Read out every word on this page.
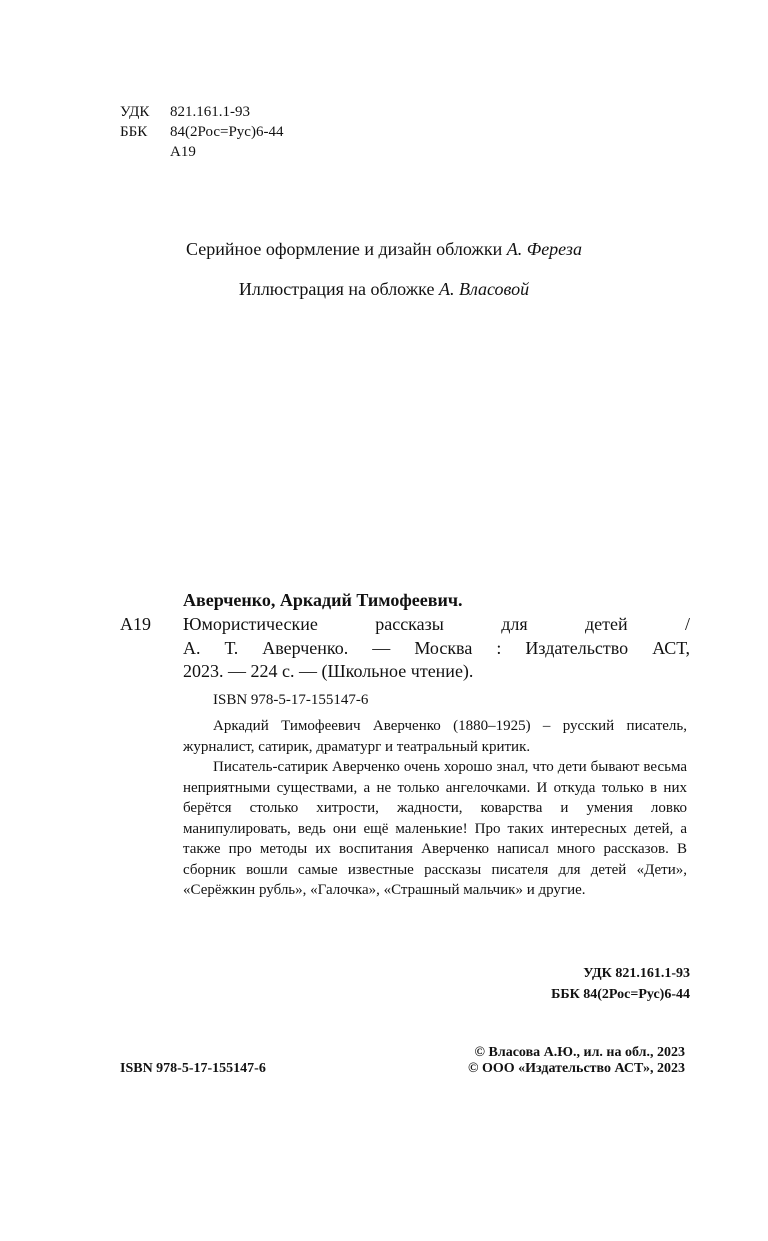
УДК 821.161.1-93
ББК 84(2Рос=Рус)6-44
А19
Серийное оформление и дизайн обложки А. Фереза
Иллюстрация на обложке А. Власовой
Аверченко, Аркадий Тимофеевич.
А19 Юмористические рассказы для детей /
А. Т. Аверченко. — Москва : Издательство АСТ,
2023. — 224 с. — (Школьное чтение).
ISBN 978-5-17-155147-6

Аркадий Тимофеевич Аверченко (1880–1925) – русский писатель, журналист, сатирик, драматург и театральный критик.

Писатель-сатирик Аверченко очень хорошо знал, что дети бывают весьма неприятными существами, а не только ангелочками. И откуда только в них берётся столько хитрости, жадности, коварства и умения ловко манипулировать, ведь они ещё маленькие! Про таких интересных детей, а также про методы их воспитания Аверченко написал много рассказов. В сборник вошли самые известные рассказы писателя для детей «Дети», «Серёжкин рубль», «Галочка», «Страшный мальчик» и другие.

УДК 821.161.1-93
ББК 84(2Рос=Рус)6-44
ISBN 978-5-17-155147-6
© Власова А.Ю., ил. на обл., 2023
© ООО «Издательство АСТ», 2023
